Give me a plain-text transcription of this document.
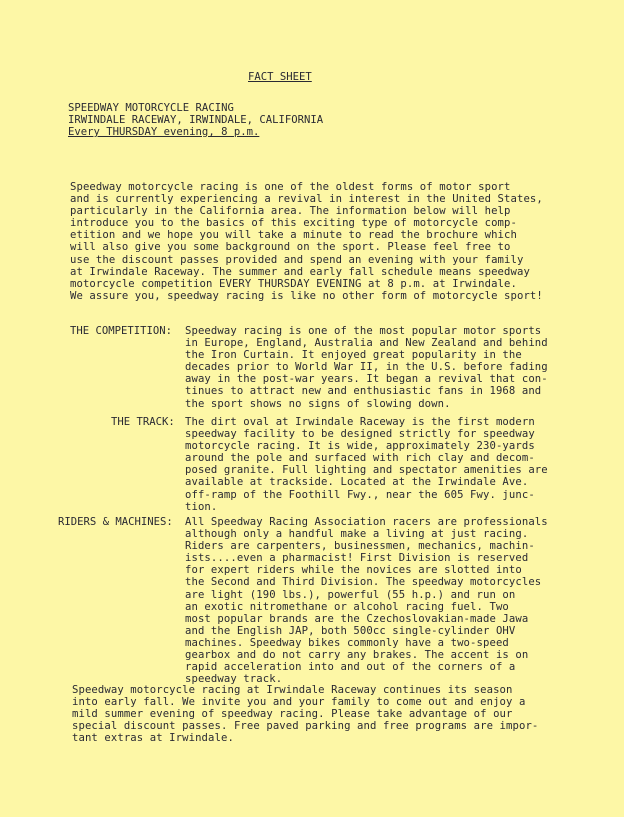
FACT SHEET
SPEEDWAY MOTORCYCLE RACING
IRWINDALE RACEWAY, IRWINDALE, CALIFORNIA
Every THURSDAY evening, 8 p.m.
Speedway motorcycle racing is one of the oldest forms of motor sport
and is currently experiencing a revival in interest in the United States,
particularly in the California area. The information below will help
introduce you to the basics of this exciting type of motorcycle comp-
etition and we hope you will take a minute to read the brochure which
will also give you some background on the sport. Please feel free to
use the discount passes provided and spend an evening with your family
at Irwindale Raceway. The summer and early fall schedule means speedway
motorcycle competition EVERY THURSDAY EVENING at 8 p.m. at Irwindale.
We assure you, speedway racing is like no other form of motorcycle sport!
THE COMPETITION: Speedway racing is one of the most popular motor sports
in Europe, England, Australia and New Zealand and behind
the Iron Curtain. It enjoyed great popularity in the
decades prior to World War II, in the U.S. before fading
away in the post-war years. It began a revival that con-
tinues to attract new and enthusiastic fans in 1968 and
the sport shows no signs of slowing down.
THE TRACK: The dirt oval at Irwindale Raceway is the first modern
speedway facility to be designed strictly for speedway
motorcycle racing. It is wide, approximately 230-yards
around the pole and surfaced with rich clay and decom-
posed granite. Full lighting and spectator amenities are
available at trackside. Located at the Irwindale Ave.
off-ramp of the Foothill Fwy., near the 605 Fwy. junc-
tion.
RIDERS & MACHINES: All Speedway Racing Association racers are professionals
although only a handful make a living at just racing.
Riders are carpenters, businessmen, mechanics, machin-
ists....even a pharmacist! First Division is reserved
for expert riders while the novices are slotted into
the Second and Third Division. The speedway motorcycles
are light (190 lbs.), powerful (55 h.p.) and run on
an exotic nitromethane or alcohol racing fuel. Two
most popular brands are the Czechoslovakian-made Jawa
and the English JAP, both 500cc single-cylinder OHV
machines. Speedway bikes commonly have a two-speed
gearbox and do not carry any brakes. The accent is on
rapid acceleration into and out of the corners of a
speedway track.
Speedway motorcycle racing at Irwindale Raceway continues its season
into early fall. We invite you and your family to come out and enjoy a
mild summer evening of speedway racing. Please take advantage of our
special discount passes. Free paved parking and free programs are impor-
tant extras at Irwindale.
